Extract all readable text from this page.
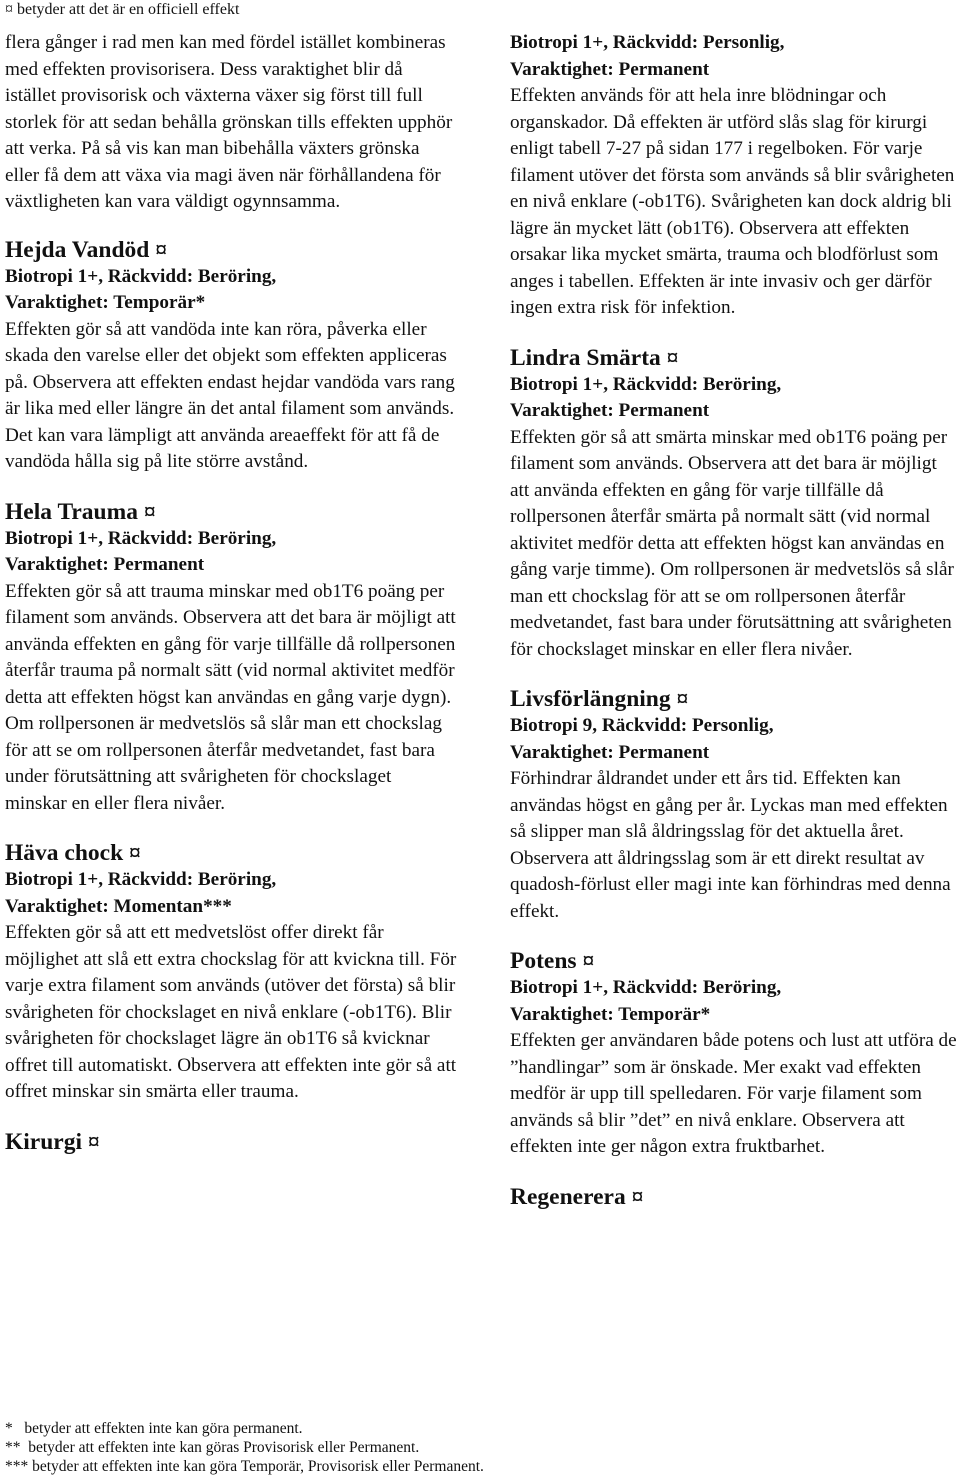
¤ betyder att det är en officiell effekt

flera gånger i rad men kan med fördel istället kombineras med effekten provisorisera. Dess varaktighet blir då istället provisorisk och växterna växer sig först till full storlek för att sedan behålla grönskan tills effekten upphör att verka. På så vis kan man bibehålla växters grönska eller få dem att växa via magi även när förhållandena för växtligheten kan vara väldigt ogynnsamma.

Hejda Vandöd ¤
Biotropi 1+, Räckvidd: Beröring,
Varaktighet: Temporär*
Effekten gör så att vandöda inte kan röra, påverka eller skada den varelse eller det objekt som effekten appliceras på. Observera att effekten endast hejdar vandöda vars rang är lika med eller längre än det antal filament som används. Det kan vara lämpligt att använda areaeffekt för att få de vandöda hålla sig på lite större avstånd.
Hela Trauma ¤
Biotropi 1+, Räckvidd: Beröring,
Varaktighet: Permanent
Effekten gör så att trauma minskar med ob1T6 poäng per filament som används. Observera att det bara är möjligt att använda effekten en gång för varje tillfälle då rollpersonen återfår trauma på normalt sätt (vid normal aktivitet medför detta att effekten högst kan användas en gång varje dygn). Om rollpersonen är medvetslös så slår man ett chockslag för att se om rollpersonen återfår medvetandet, fast bara under förutsättning att svårigheten för chockslaget minskar en eller flera nivåer.
Häva chock ¤
Biotropi 1+, Räckvidd: Beröring,
Varaktighet: Momentan***
Effekten gör så att ett medvetslöst offer direkt får möjlighet att slå ett extra chockslag för att kvickna till. För varje extra filament som används (utöver det första) så blir svårigheten för chockslaget en nivå enklare (-ob1T6). Blir svårigheten för chockslaget lägre än ob1T6 så kvicknar offret till automatiskt. Observera att effekten inte gör så att offret minskar sin smärta eller trauma.
Kirurgi ¤
Biotropi 1+, Räckvidd: Personlig,
Varaktighet: Permanent
Effekten används för att hela inre blödningar och organskador. Då effekten är utförd slås slag för kirurgi enligt tabell 7-27 på sidan 177 i regelboken. För varje filament utöver det första som används så blir svårigheten en nivå enklare (-ob1T6). Svårigheten kan dock aldrig bli lägre än mycket lätt (ob1T6). Observera att effekten orsakar lika mycket smärta, trauma och blodförlust som anges i tabellen. Effekten är inte invasiv och ger därför ingen extra risk för infektion.
Lindra Smärta ¤
Biotropi 1+, Räckvidd: Beröring,
Varaktighet: Permanent
Effekten gör så att smärta minskar med ob1T6 poäng per filament som används. Observera att det bara är möjligt att använda effekten en gång för varje tillfälle då rollpersonen återfår smärta på normalt sätt (vid normal aktivitet medför detta att effekten högst kan användas en gång varje timme). Om rollpersonen är medvetslös så slår man ett chockslag för att se om rollpersonen återfår medvetandet, fast bara under förutsättning att svårigheten för chockslaget minskar en eller flera nivåer.
Livsförlängning ¤
Biotropi 9, Räckvidd: Personlig,
Varaktighet: Permanent
Förhindrar åldrandet under ett års tid. Effekten kan användas högst en gång per år. Lyckas man med effekten så slipper man slå åldringsslag för det aktuella året. Observera att åldringsslag som är ett direkt resultat av quadosh-förlust eller magi inte kan förhindras med denna effekt.
Potens ¤
Biotropi 1+, Räckvidd: Beröring,
Varaktighet: Temporär*
Effekten ger användaren både potens och lust att utföra de ”handlingar” som är önskade. Mer exakt vad effekten medför är upp till spelledaren. För varje filament som används så blir ”det” en nivå enklare. Observera att effekten inte ger någon extra fruktbarhet.
Regenerera ¤

*   betyder att effekten inte kan göra permanent.

**  betyder att effekten inte kan göras Provisorisk eller Permanent.

*** betyder att effekten inte kan göra Temporär, Provisorisk eller Permanent.
